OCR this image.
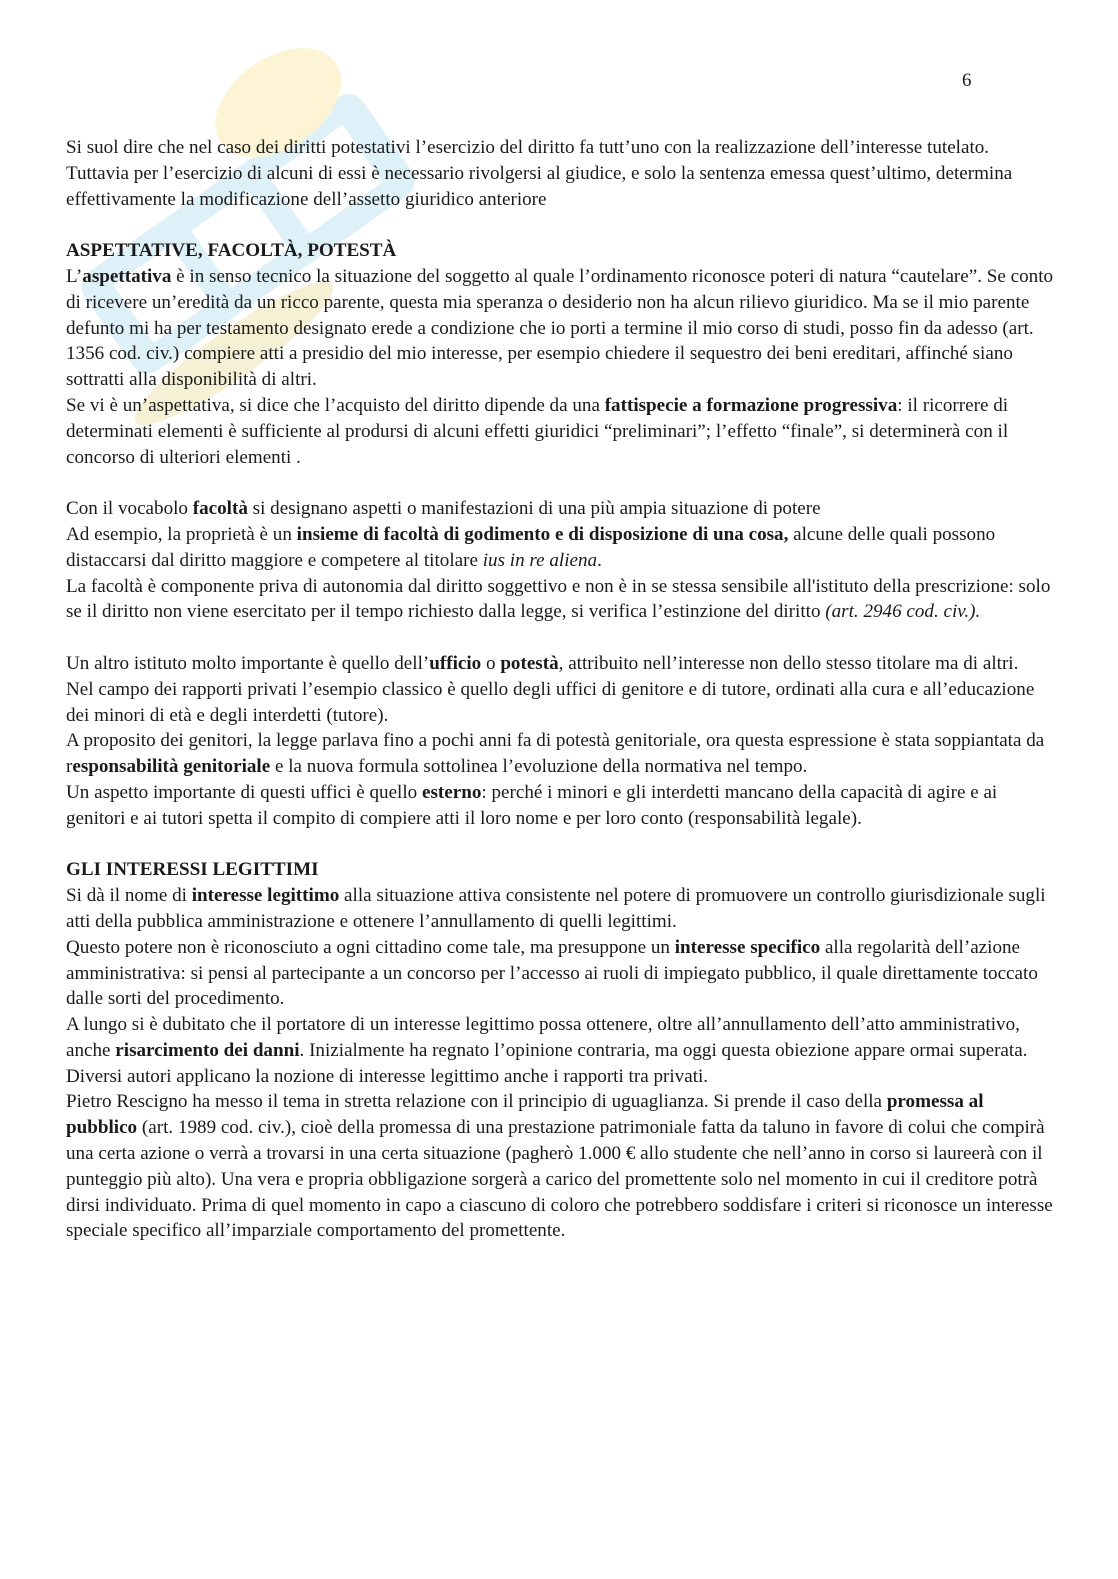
6

Si suol dire che nel caso dei diritti potestativi l’esercizio del diritto fa tutt’uno con la realizzazione dell’interesse tutelato. Tuttavia per l’esercizio di alcuni di essi è necessario rivolgersi al giudice, e solo la sentenza emessa quest’ultimo, determina effettivamente la modificazione dell’assetto giuridico anteriore

ASPETTATIVE, FACOLTÀ, POTESTÀ

L’aspettativa è in senso tecnico la situazione del soggetto al quale l’ordinamento riconosce poteri di natura “cautelare”. Se conto di ricevere un’eredità da un ricco parente, questa mia speranza o desiderio non ha alcun rilievo giuridico. Ma se il mio parente defunto mi ha per testamento designato erede a condizione che io porti a termine il mio corso di studi, posso fin da adesso (art. 1356 cod. civ.) compiere atti a presidio del mio interesse, per esempio chiedere il sequestro dei beni ereditari, affinché siano sottratti alla disponibilità di altri.

Se vi è un’aspettativa, si dice che l’acquisto del diritto dipende da una fattispecie a formazione progressiva: il ricorrere di determinati elementi è sufficiente al prodursi di alcuni effetti giuridici “preliminari”; l’effetto “finale”, si determinerà con il concorso di ulteriori elementi .

Con il vocabolo facoltà si designano aspetti o manifestazioni di una più ampia situazione di potere

Ad esempio, la proprietà è un insieme di facoltà di godimento e di disposizione di una cosa, alcune delle quali possono distaccarsi dal diritto maggiore e competere al titolare ius in re aliena.

La facoltà è componente priva di autonomia dal diritto soggettivo e non è in se stessa sensibile all'istituto della prescrizione: solo se il diritto non viene esercitato per il tempo richiesto dalla legge, si verifica l’estinzione del diritto (art. 2946 cod. civ.).

Un altro istituto molto importante è quello dell’ufficio o potestà, attribuito nell’interesse non dello stesso titolare ma di altri.

Nel campo dei rapporti privati l’esempio classico è quello degli uffici di genitore e di tutore, ordinati alla cura e all’educazione dei minori di età e degli interdetti (tutore).

A proposito dei genitori, la legge parlava fino a pochi anni fa di potestà genitoriale, ora questa espressione è stata soppiantata da responsabilità genitoriale e la nuova formula sottolinea l’evoluzione della normativa nel tempo.

Un aspetto importante di questi uffici è quello esterno: perché i minori e gli interdetti mancano della capacità di agire e ai genitori e ai tutori spetta il compito di compiere atti il loro nome e per loro conto (responsabilità legale).

GLI INTERESSI LEGITTIMI

Si dà il nome di interesse legittimo alla situazione attiva consistente nel potere di promuovere un controllo giurisdizionale sugli atti della pubblica amministrazione e ottenere l’annullamento di quelli legittimi.

Questo potere non è riconosciuto a ogni cittadino come tale, ma presuppone un interesse specifico alla regolarità dell’azione amministrativa: si pensi al partecipante a un concorso per l’accesso ai ruoli di impiegato pubblico, il quale direttamente toccato dalle sorti del procedimento.

A lungo si è dubitato che il portatore di un interesse legittimo possa ottenere, oltre all’annullamento dell’atto amministrativo, anche risarcimento dei danni. Inizialmente ha regnato l’opinione contraria, ma oggi questa obiezione appare ormai superata.

Diversi autori applicano la nozione di interesse legittimo anche i rapporti tra privati.

Pietro Rescigno ha messo il tema in stretta relazione con il principio di uguaglianza. Si prende il caso della promessa al pubblico (art. 1989 cod. civ.), cioè della promessa di una prestazione patrimoniale fatta da taluno in favore di colui che compirà una certa azione o verrà a trovarsi in una certa situazione (pagherò 1.000 € allo studente che nell’anno in corso si laureerà con il punteggio più alto). Una vera e propria obbligazione sorgerà a carico del promettente solo nel momento in cui il creditore potrà dirsi individuato. Prima di quel momento in capo a ciascuno di coloro che potrebbero soddisfare i criteri si riconosce un interesse speciale specifico all’imparziale comportamento del promettente.
